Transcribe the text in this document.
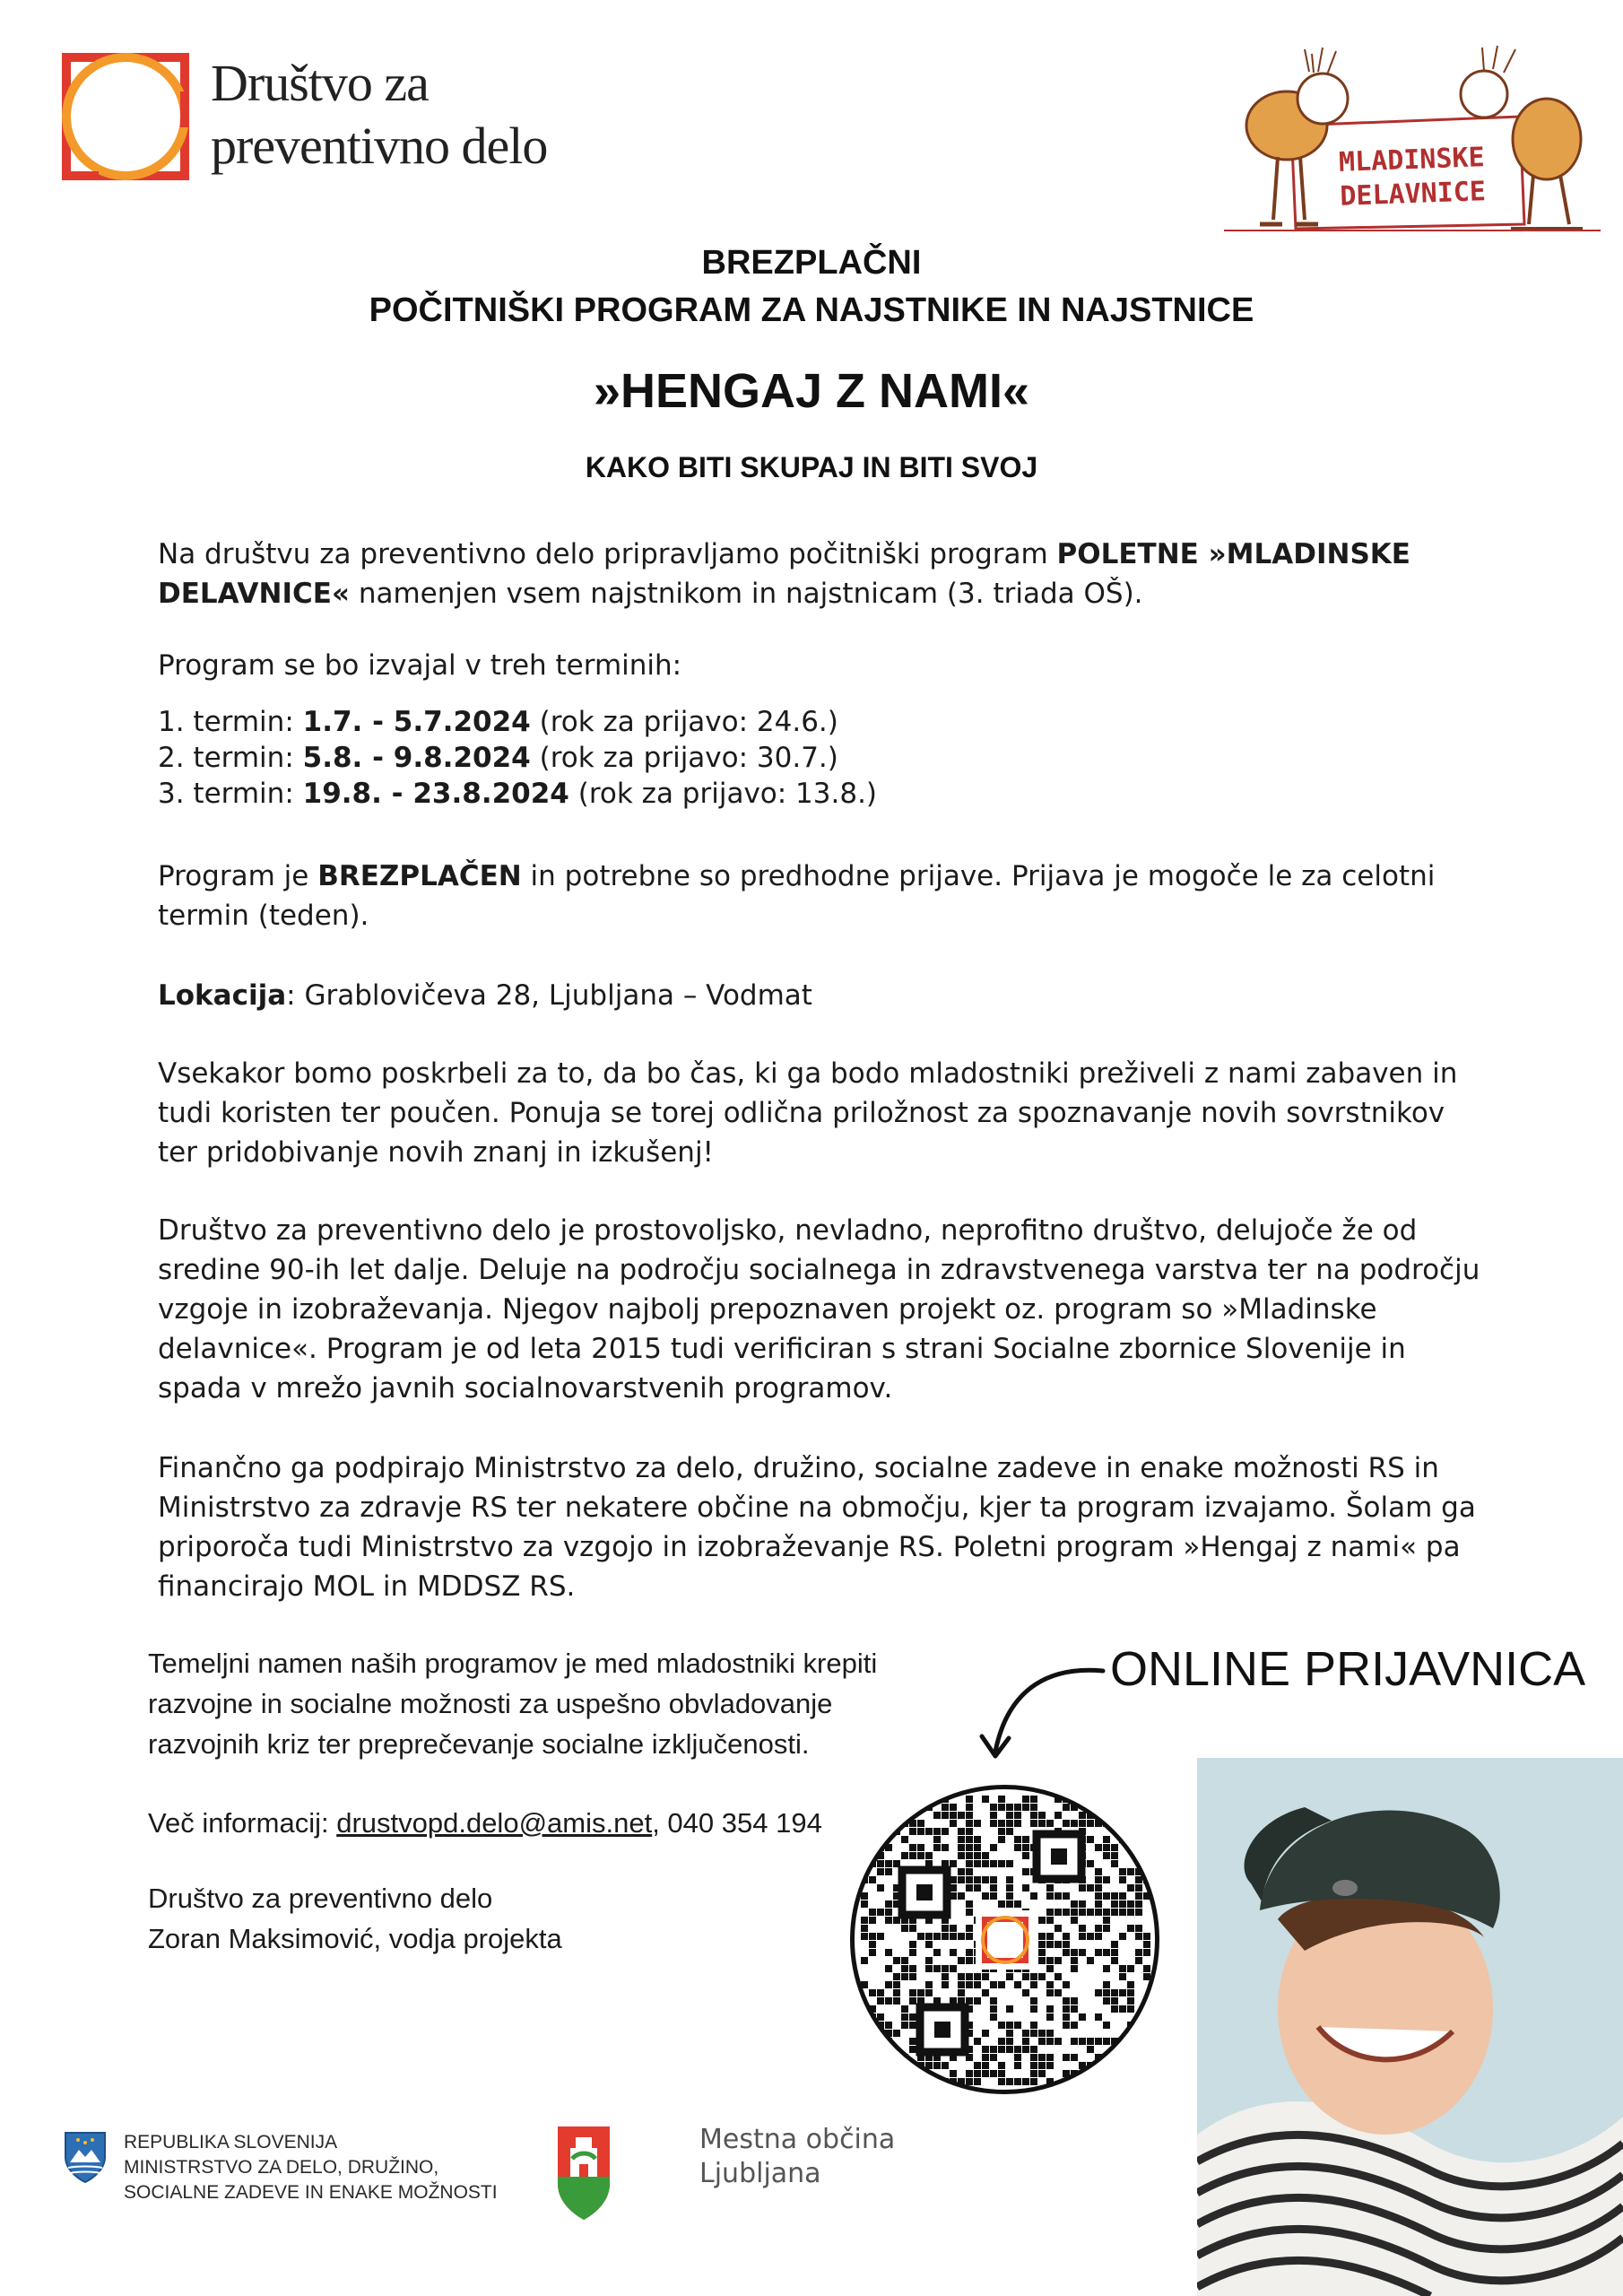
Društvo za
preventivno delo	MLADINSKE
DELAVNICE
BREZPLAČNI
POČITNIŠKI PROGRAM ZA NAJSTNIKE IN NAJSTNICE
»HENGAJ Z NAMI«
KAKO BITI SKUPAJ IN BITI SVOJ
Na društvu za preventivno delo pripravljamo počitniški program POLETNE »MLADINSKE DELAVNICE« namenjen vsem najstnikom in najstnicam (3. triada OŠ).
Program se bo izvajal v treh terminih:
1. termin: 1.7. - 5.7.2024 (rok za prijavo: 24.6.)
2. termin: 5.8. - 9.8.2024 (rok za prijavo: 30.7.)
3. termin: 19.8. - 23.8.2024 (rok za prijavo: 13.8.)
Program je BREZPLAČEN in potrebne so predhodne prijave. Prijava je mogoče le za celotni termin (teden).
Lokacija: Grablovičeva 28, Ljubljana – Vodmat
Vsekakor bomo poskrbeli za to, da bo čas, ki ga bodo mladostniki preživeli z nami zabaven in tudi koristen ter poučen. Ponuja se torej odlična priložnost za spoznavanje novih sovrstnikov ter pridobivanje novih znanj in izkušenj!
Društvo za preventivno delo je prostovoljsko, nevladno, neprofitno društvo, delujoče že od sredine 90-ih let dalje. Deluje na področju socialnega in zdravstvenega varstva ter na področju vzgoje in izobraževanja. Njegov najbolj prepoznaven projekt oz. program so »Mladinske delavnice«. Program je od leta 2015 tudi verificiran s strani Socialne zbornice Slovenije in spada v mrežo javnih socialnovarstvenih programov.
Finančno ga podpirajo Ministrstvo za delo, družino, socialne zadeve in enake možnosti RS in Ministrstvo za zdravje RS ter nekatere občine na območju, kjer ta program izvajamo. Šolam ga priporoča tudi Ministrstvo za vzgojo in izobraževanje RS. Poletni program »Hengaj z nami« pa financirajo MOL in MDDSZ RS.
Temeljni namen naših programov je med mladostniki krepiti razvojne in socialne možnosti za uspešno obvladovanje razvojnih kriz ter preprečevanje socialne izključenosti.
Več informacij: drustvopd.delo@amis.net, 040 354 194
Društvo za preventivno delo
Zoran Maksimović, vodja projekta
ONLINE PRIJAVNICA
REPUBLIKA SLOVENIJA
MINISTRSTVO ZA DELO, DRUŽINO,
SOCIALNE ZADEVE IN ENAKE MOŽNOSTI
Mestna občina
Ljubljana
